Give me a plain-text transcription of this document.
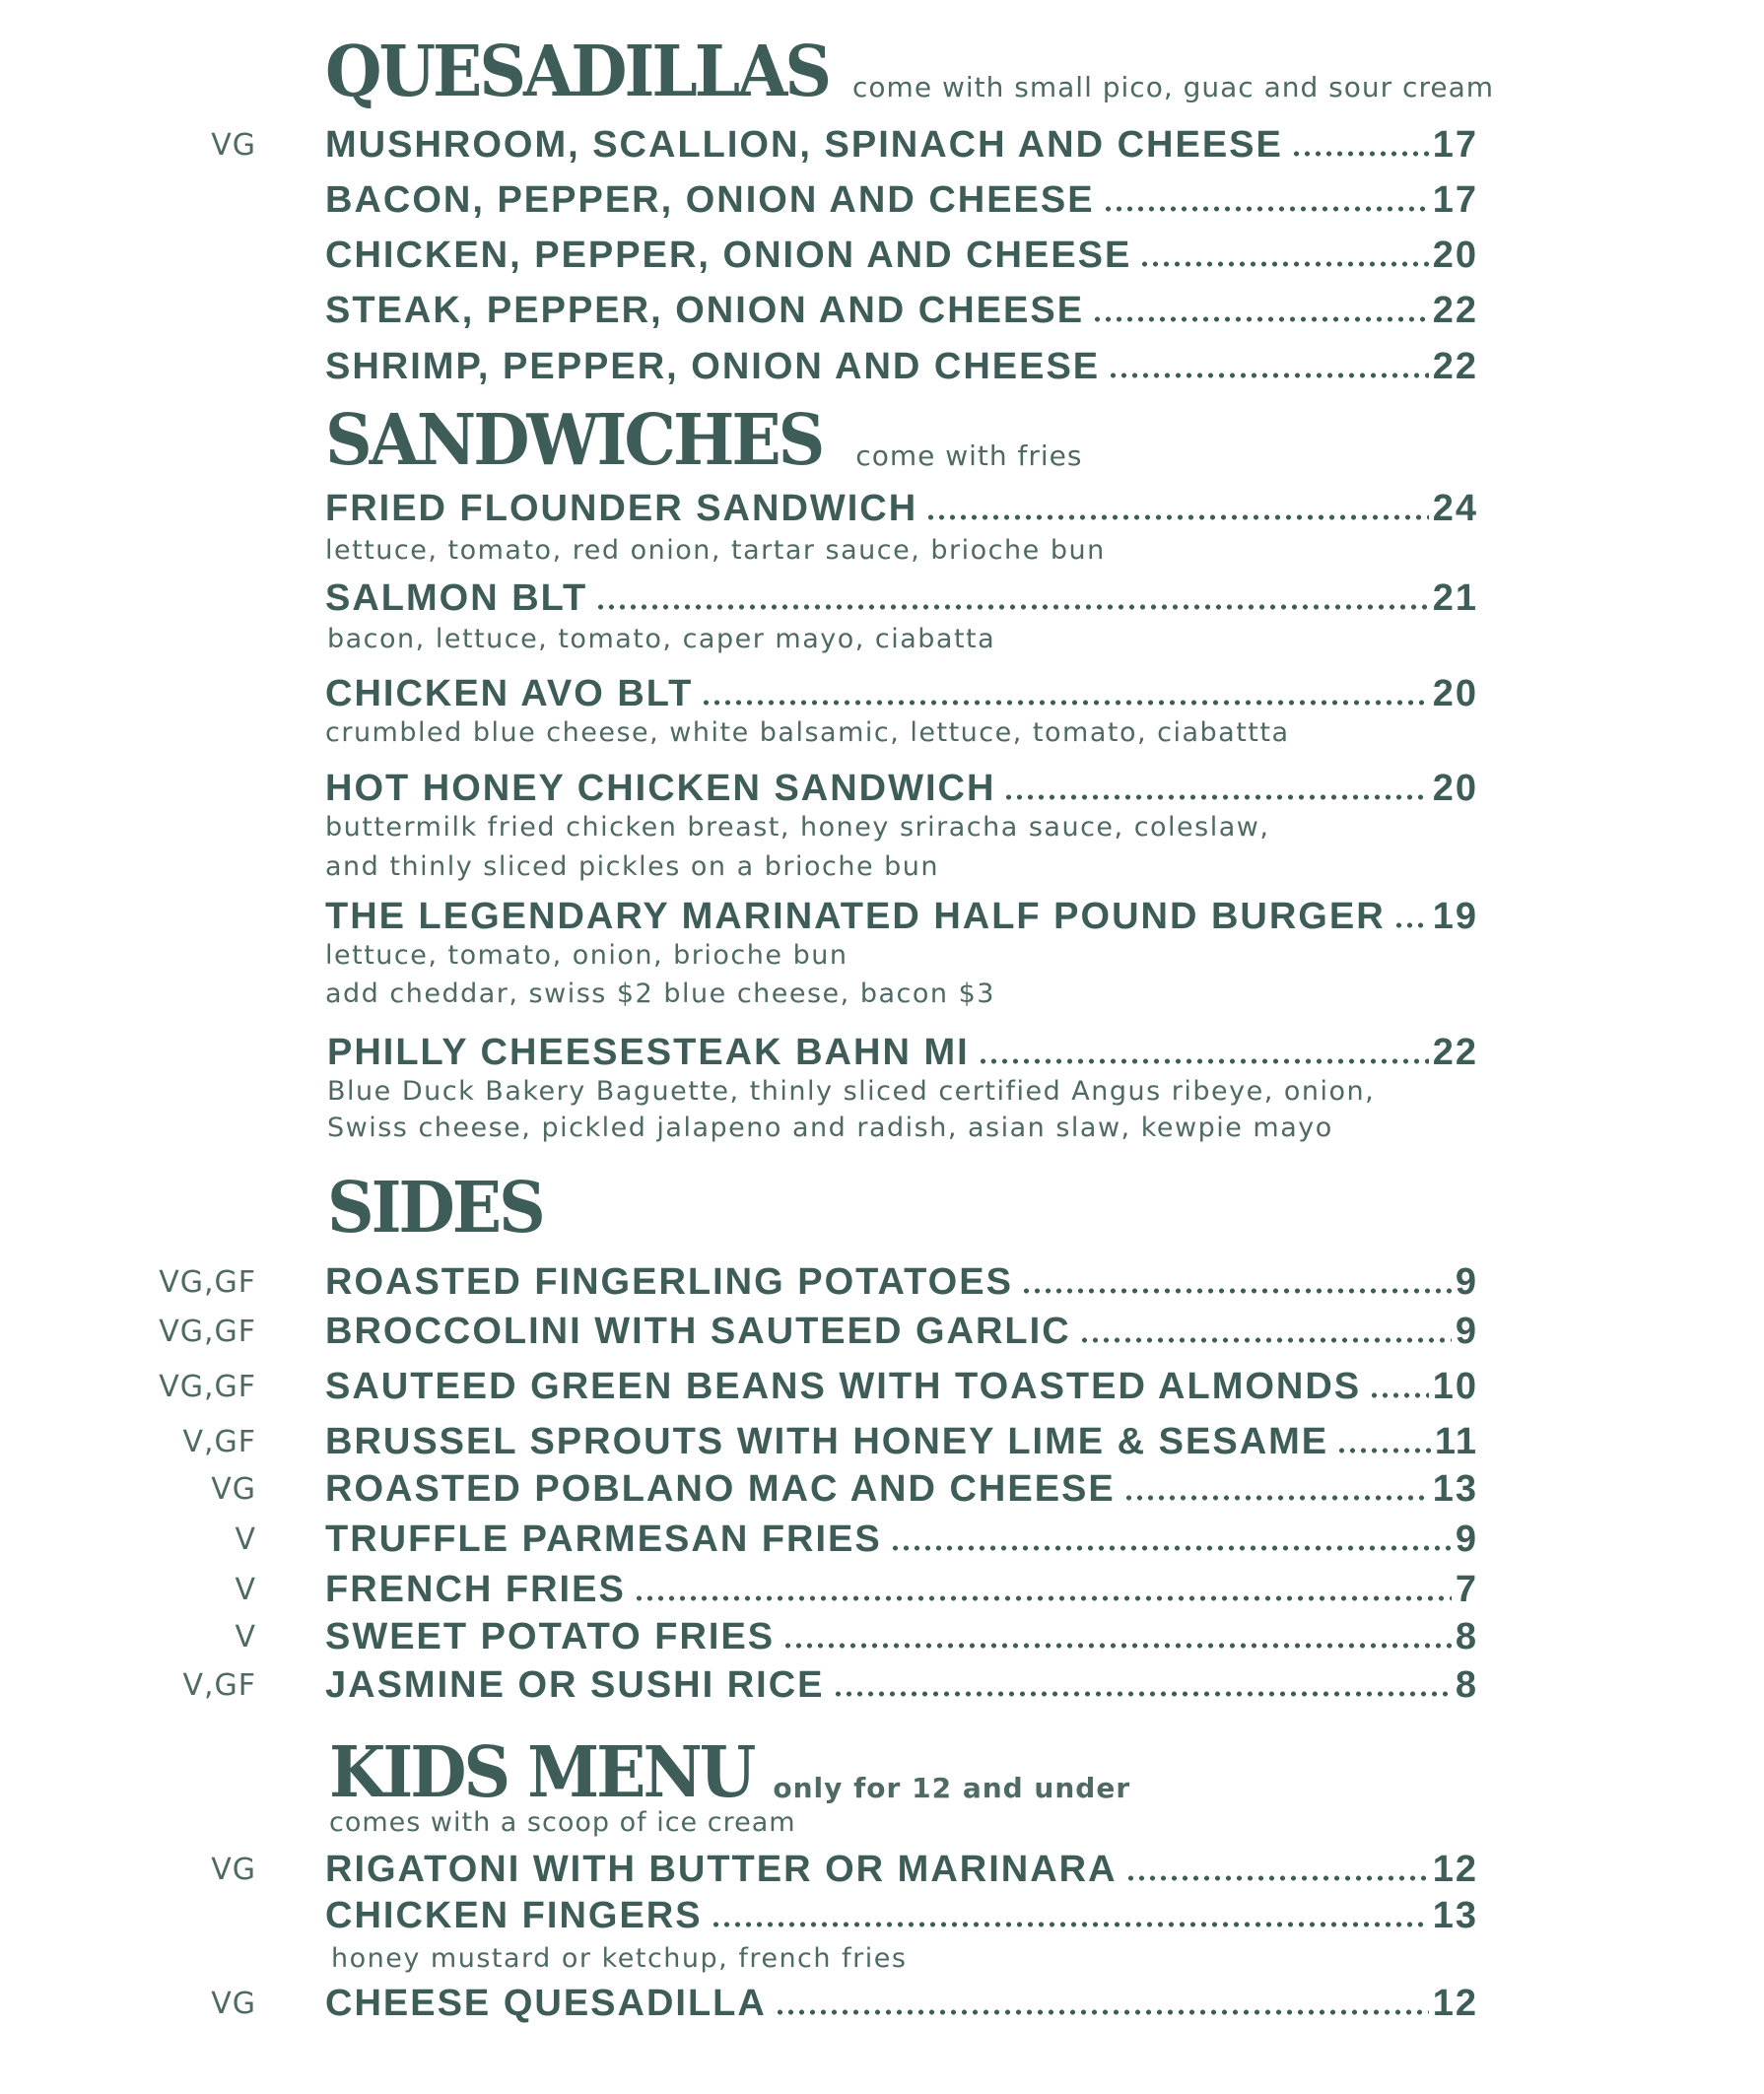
QUESADILLAS come with small pico, guac and sour cream
VG MUSHROOM, SCALLION, SPINACH AND CHEESE	17
BACON, PEPPER, ONION AND CHEESE	17
CHICKEN, PEPPER, ONION AND CHEESE	20
STEAK, PEPPER, ONION AND CHEESE	22
SHRIMP, PEPPER, ONION AND CHEESE	22
SANDWICHES come with fries
FRIED FLOUNDER SANDWICH	24
lettuce, tomato, red onion, tartar sauce, brioche bun
SALMON BLT	21
bacon, lettuce, tomato, caper mayo, ciabatta
CHICKEN AVO BLT	20
crumbled blue cheese, white balsamic, lettuce, tomato, ciabattta
HOT HONEY CHICKEN SANDWICH	20
buttermilk fried chicken breast, honey sriracha sauce, coleslaw,
and thinly sliced pickles on a brioche bun
THE LEGENDARY MARINATED HALF POUND BURGER 19
lettuce, tomato, onion, brioche bun
add cheddar, swiss $2 blue cheese, bacon $3
PHILLY CHEESESTEAK BAHN MI	22
Blue Duck Bakery Baguette, thinly sliced certified Angus ribeye, onion,
Swiss cheese, pickled jalapeno and radish, asian slaw, kewpie mayo
SIDES
VG,GF ROASTED FINGERLING POTATOES	9
VG,GF BROCCOLINI WITH SAUTEED GARLIC	9
VG,GF SAUTEED GREEN BEANS WITH TOASTED ALMONDS 10
V,GF BRUSSEL SPROUTS WITH HONEY LIME & SESAME	11
VG ROASTED POBLANO MAC AND CHEESE	13
V TRUFFLE PARMESAN FRIES	9
V FRENCH FRIES	7
V SWEET POTATO FRIES	8
V,GF JASMINE OR SUSHI RICE	8
KIDS MENU only for 12 and under
comes with a scoop of ice cream
VG RIGATONI WITH BUTTER OR MARINARA	12
CHICKEN FINGERS	13
honey mustard or ketchup, french fries
VG CHEESE QUESADILLA	12
